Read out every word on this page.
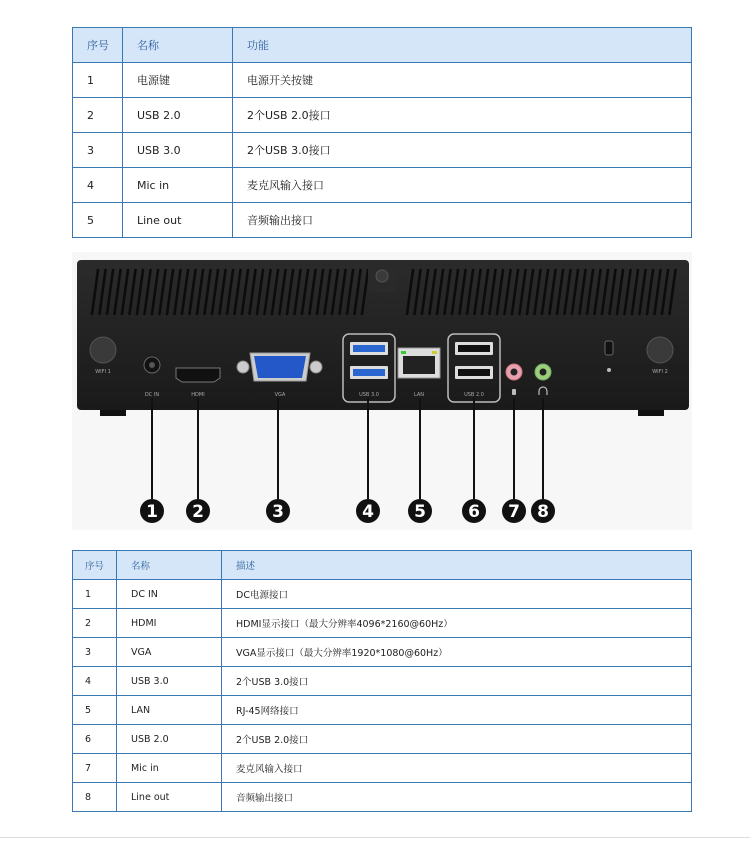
序号	名称	功能
1	电源键	电源开关按键
2	USB 2.0	2个USB 2.0接口
3	USB 3.0	2个USB 3.0接口
4	Mic in	麦克风输入接口
5	Line out	音频输出接口
WIFI 1
DC IN	HDMI	VGA	USB 3.0	LAN	USB 2.0
WIFI 2
1 2	3	4 5 6 7 8
序号	名称	描述
1	DC IN	DC电源接口
2	HDMI	HDMI显示接口（最大分辨率4096*2160@60Hz）
3	VGA	VGA显示接口（最大分辨率1920*1080@60Hz）
4	USB 3.0	2个USB 3.0接口
5	LAN	RJ-45网络接口
6	USB 2.0	2个USB 2.0接口
7	Mic in	麦克风输入接口
8	Line out	音频输出接口
